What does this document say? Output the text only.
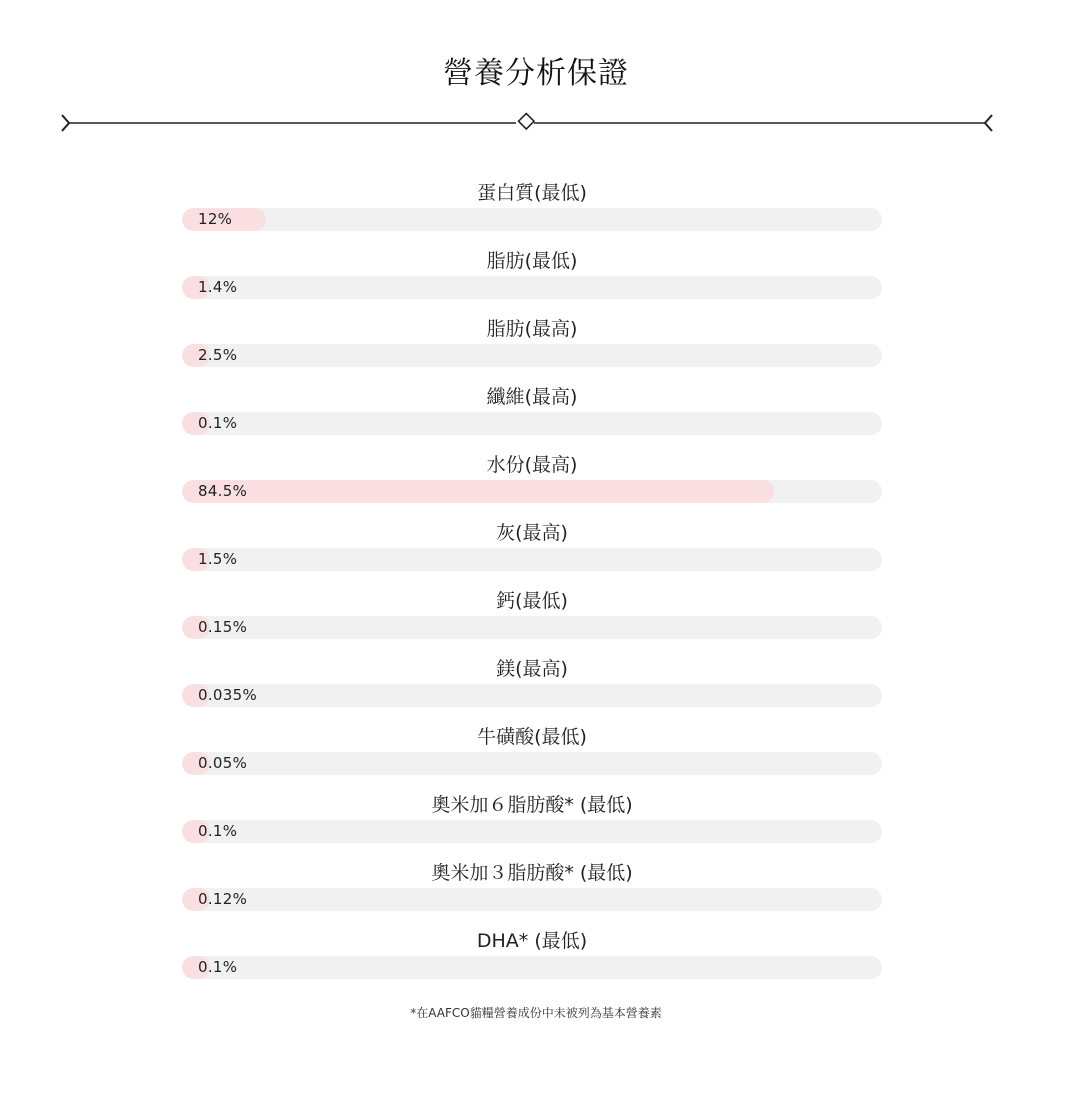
營養分析保證
蛋白質(最低)
12%
脂肪(最低)
1.4%
脂肪(最高)
2.5%
纖維(最高)
0.1%
水份(最高)
84.5%
灰(最高)
1.5%
鈣(最低)
0.15%
鎂(最高)
0.035%
牛磺酸(最低)
0.05%
奧米加６脂肪酸* (最低)
0.1%
奧米加３脂肪酸* (最低)
0.12%
DHA* (最低)
0.1%
*在AAFCO貓糧營養成份中未被列為基本營養素
